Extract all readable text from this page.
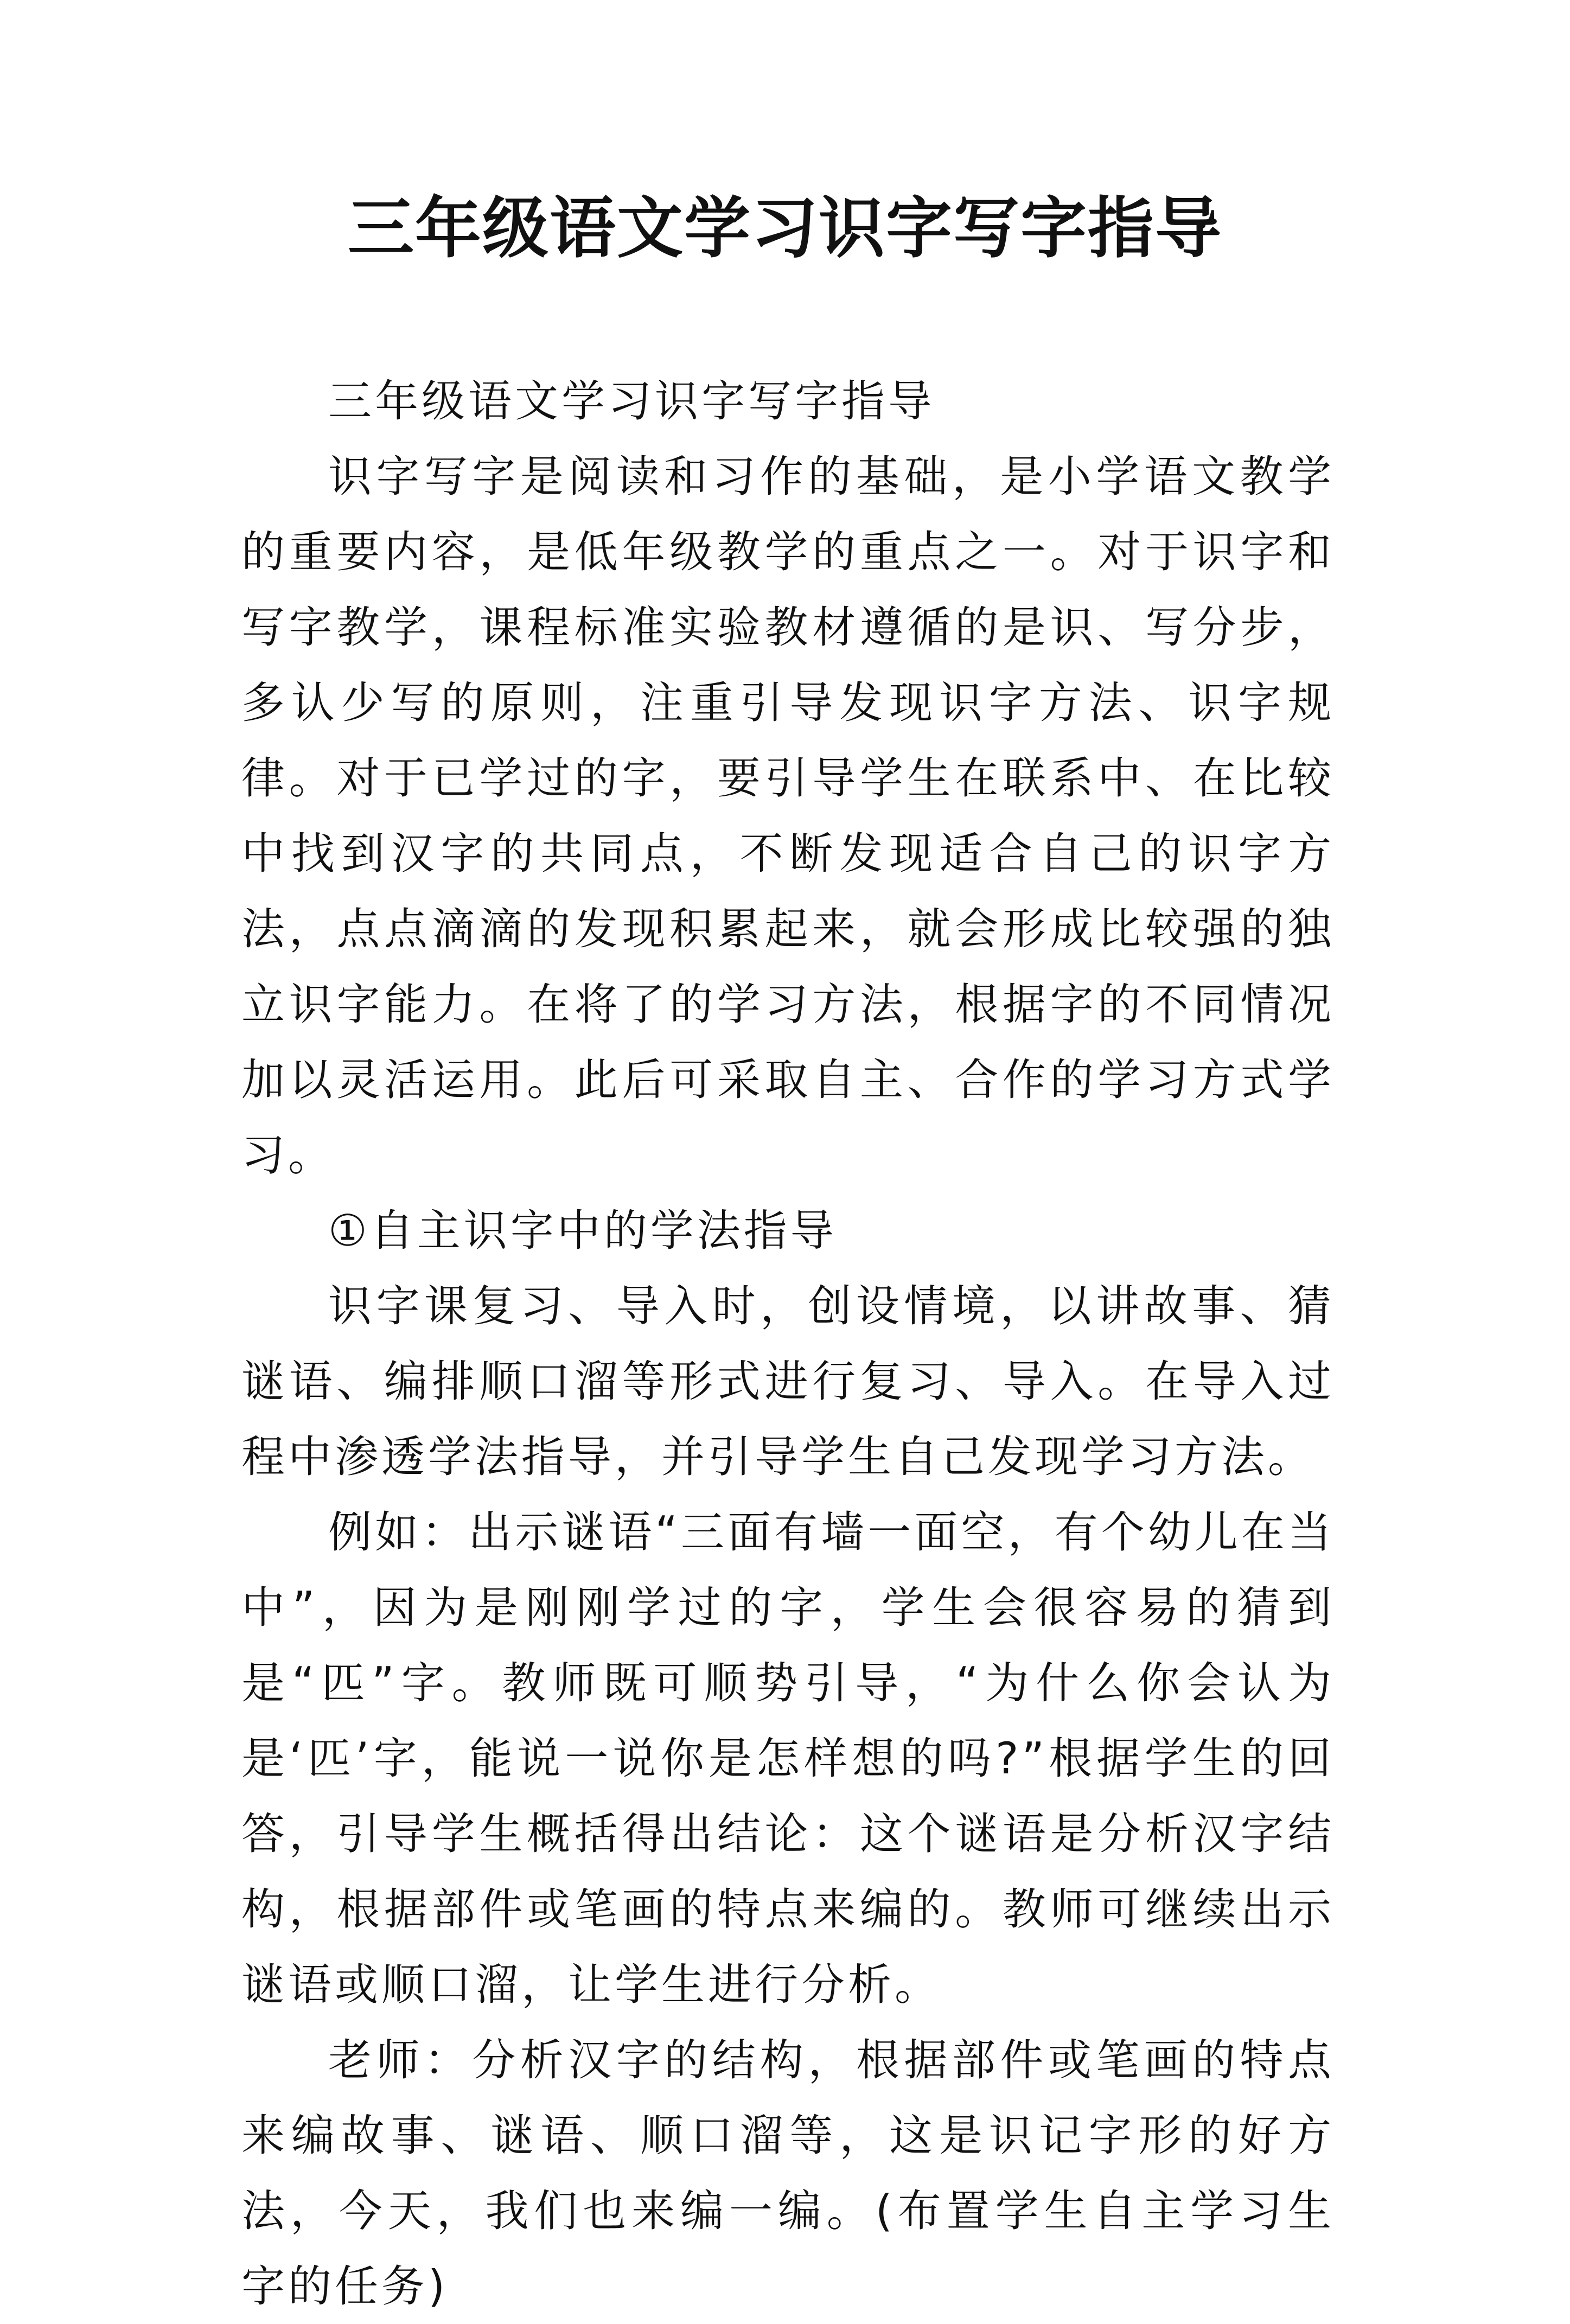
三年级语文学习识字写字指导

三年级语文学习识字写字指导

识字写字是阅读和习作的基础，是小学语文教学的重要内容，是低年级教学的重点之一。对于识字和写字教学，课程标准实验教材遵循的是识、写分步，多认少写的原则，注重引导发现识字方法、识字规律。对于已学过的字，要引导学生在联系中、在比较中找到汉字的共同点，不断发现适合自己的识字方法，点点滴滴的发现积累起来，就会形成比较强的独立识字能力。在将了的学习方法，根据字的不同情况加以灵活运用。此后可采取自主、合作的学习方式学习。

①自主识字中的学法指导

识字课复习、导入时，创设情境，以讲故事、猜谜语、编排顺口溜等形式进行复习、导入。在导入过程中渗透学法指导，并引导学生自己发现学习方法。

例如：出示谜语“三面有墙一面空，有个幼儿在当中”，因为是刚刚学过的字，学生会很容易的猜到是“匹”字。教师既可顺势引导，“为什么你会认为是‘匹’字，能说一说你是怎样想的吗?”根据学生的回答，引导学生概括得出结论：这个谜语是分析汉字结构，根据部件或笔画的特点来编的。教师可继续出示谜语或顺口溜，让学生进行分析。

老师：分析汉字的结构，根据部件或笔画的特点来编故事、谜语、顺口溜等，这是识记字形的好方法，今天，我们也来编一编。(布置学生自主学习生字的任务)
